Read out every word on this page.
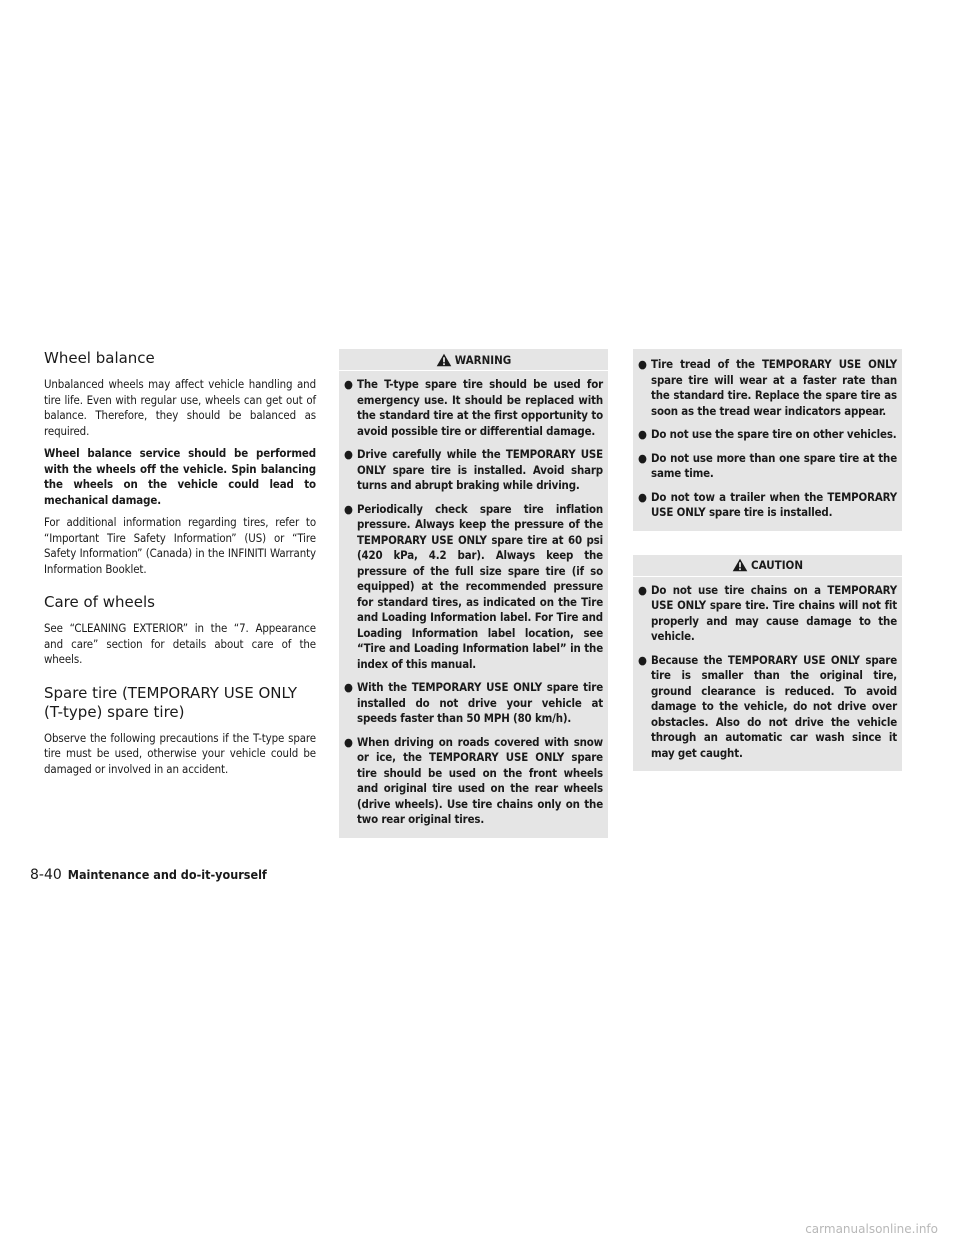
Wheel balance

Unbalanced wheels may affect vehicle handling and tire life. Even with regular use, wheels can get out of balance. Therefore, they should be balanced as required.

Wheel balance service should be performed with the wheels off the vehicle. Spin balancing the wheels on the vehicle could lead to mechanical damage.

For additional information regarding tires, refer to “Important Tire Safety Information” (US) or “Tire Safety Information” (Canada) in the INFINITI Warranty Information Booklet.

Care of wheels

See “CLEANING EXTERIOR” in the “7. Appearance and care” section for details about care of the wheels.

Spare tire (TEMPORARY USE ONLY
(T-type) spare tire)

Observe the following precautions if the T-type spare tire must be used, otherwise your vehicle could be damaged or involved in an accident.

WARNING
● The T-type spare tire should be used for emergency use. It should be replaced with the standard tire at the first opportunity to avoid possible tire or differential damage.
● Drive carefully while the TEMPORARY USE ONLY spare tire is installed. Avoid sharp turns and abrupt braking while driving.
● Periodically check spare tire inflation pressure. Always keep the pressure of the TEMPORARY USE ONLY spare tire at 60 psi (420 kPa, 4.2 bar). Always keep the pressure of the full size spare tire (if so equipped) at the recommended pressure for standard tires, as indicated on the Tire and Loading Information label. For Tire and Loading Information label location, see “Tire and Loading Information label” in the index of this manual.
● With the TEMPORARY USE ONLY spare tire installed do not drive your vehicle at speeds faster than 50 MPH (80 km/h).
● When driving on roads covered with snow or ice, the TEMPORARY USE ONLY spare tire should be used on the front wheels and original tire used on the rear wheels (drive wheels). Use tire chains only on the two rear original tires.
● Tire tread of the TEMPORARY USE ONLY spare tire will wear at a faster rate than the standard tire. Replace the spare tire as soon as the tread wear indicators appear.
● Do not use the spare tire on other vehicles.
● Do not use more than one spare tire at the same time.
● Do not tow a trailer when the TEMPORARY USE ONLY spare tire is installed.
CAUTION
● Do not use tire chains on a TEMPORARY USE ONLY spare tire. Tire chains will not fit properly and may cause damage to the vehicle.
● Because the TEMPORARY USE ONLY spare tire is smaller than the original tire, ground clearance is reduced. To avoid damage to the vehicle, do not drive over obstacles. Also do not drive the vehicle through an automatic car wash since it may get caught.
8-40 Maintenance and do-it-yourself
carmanualsonline.info
